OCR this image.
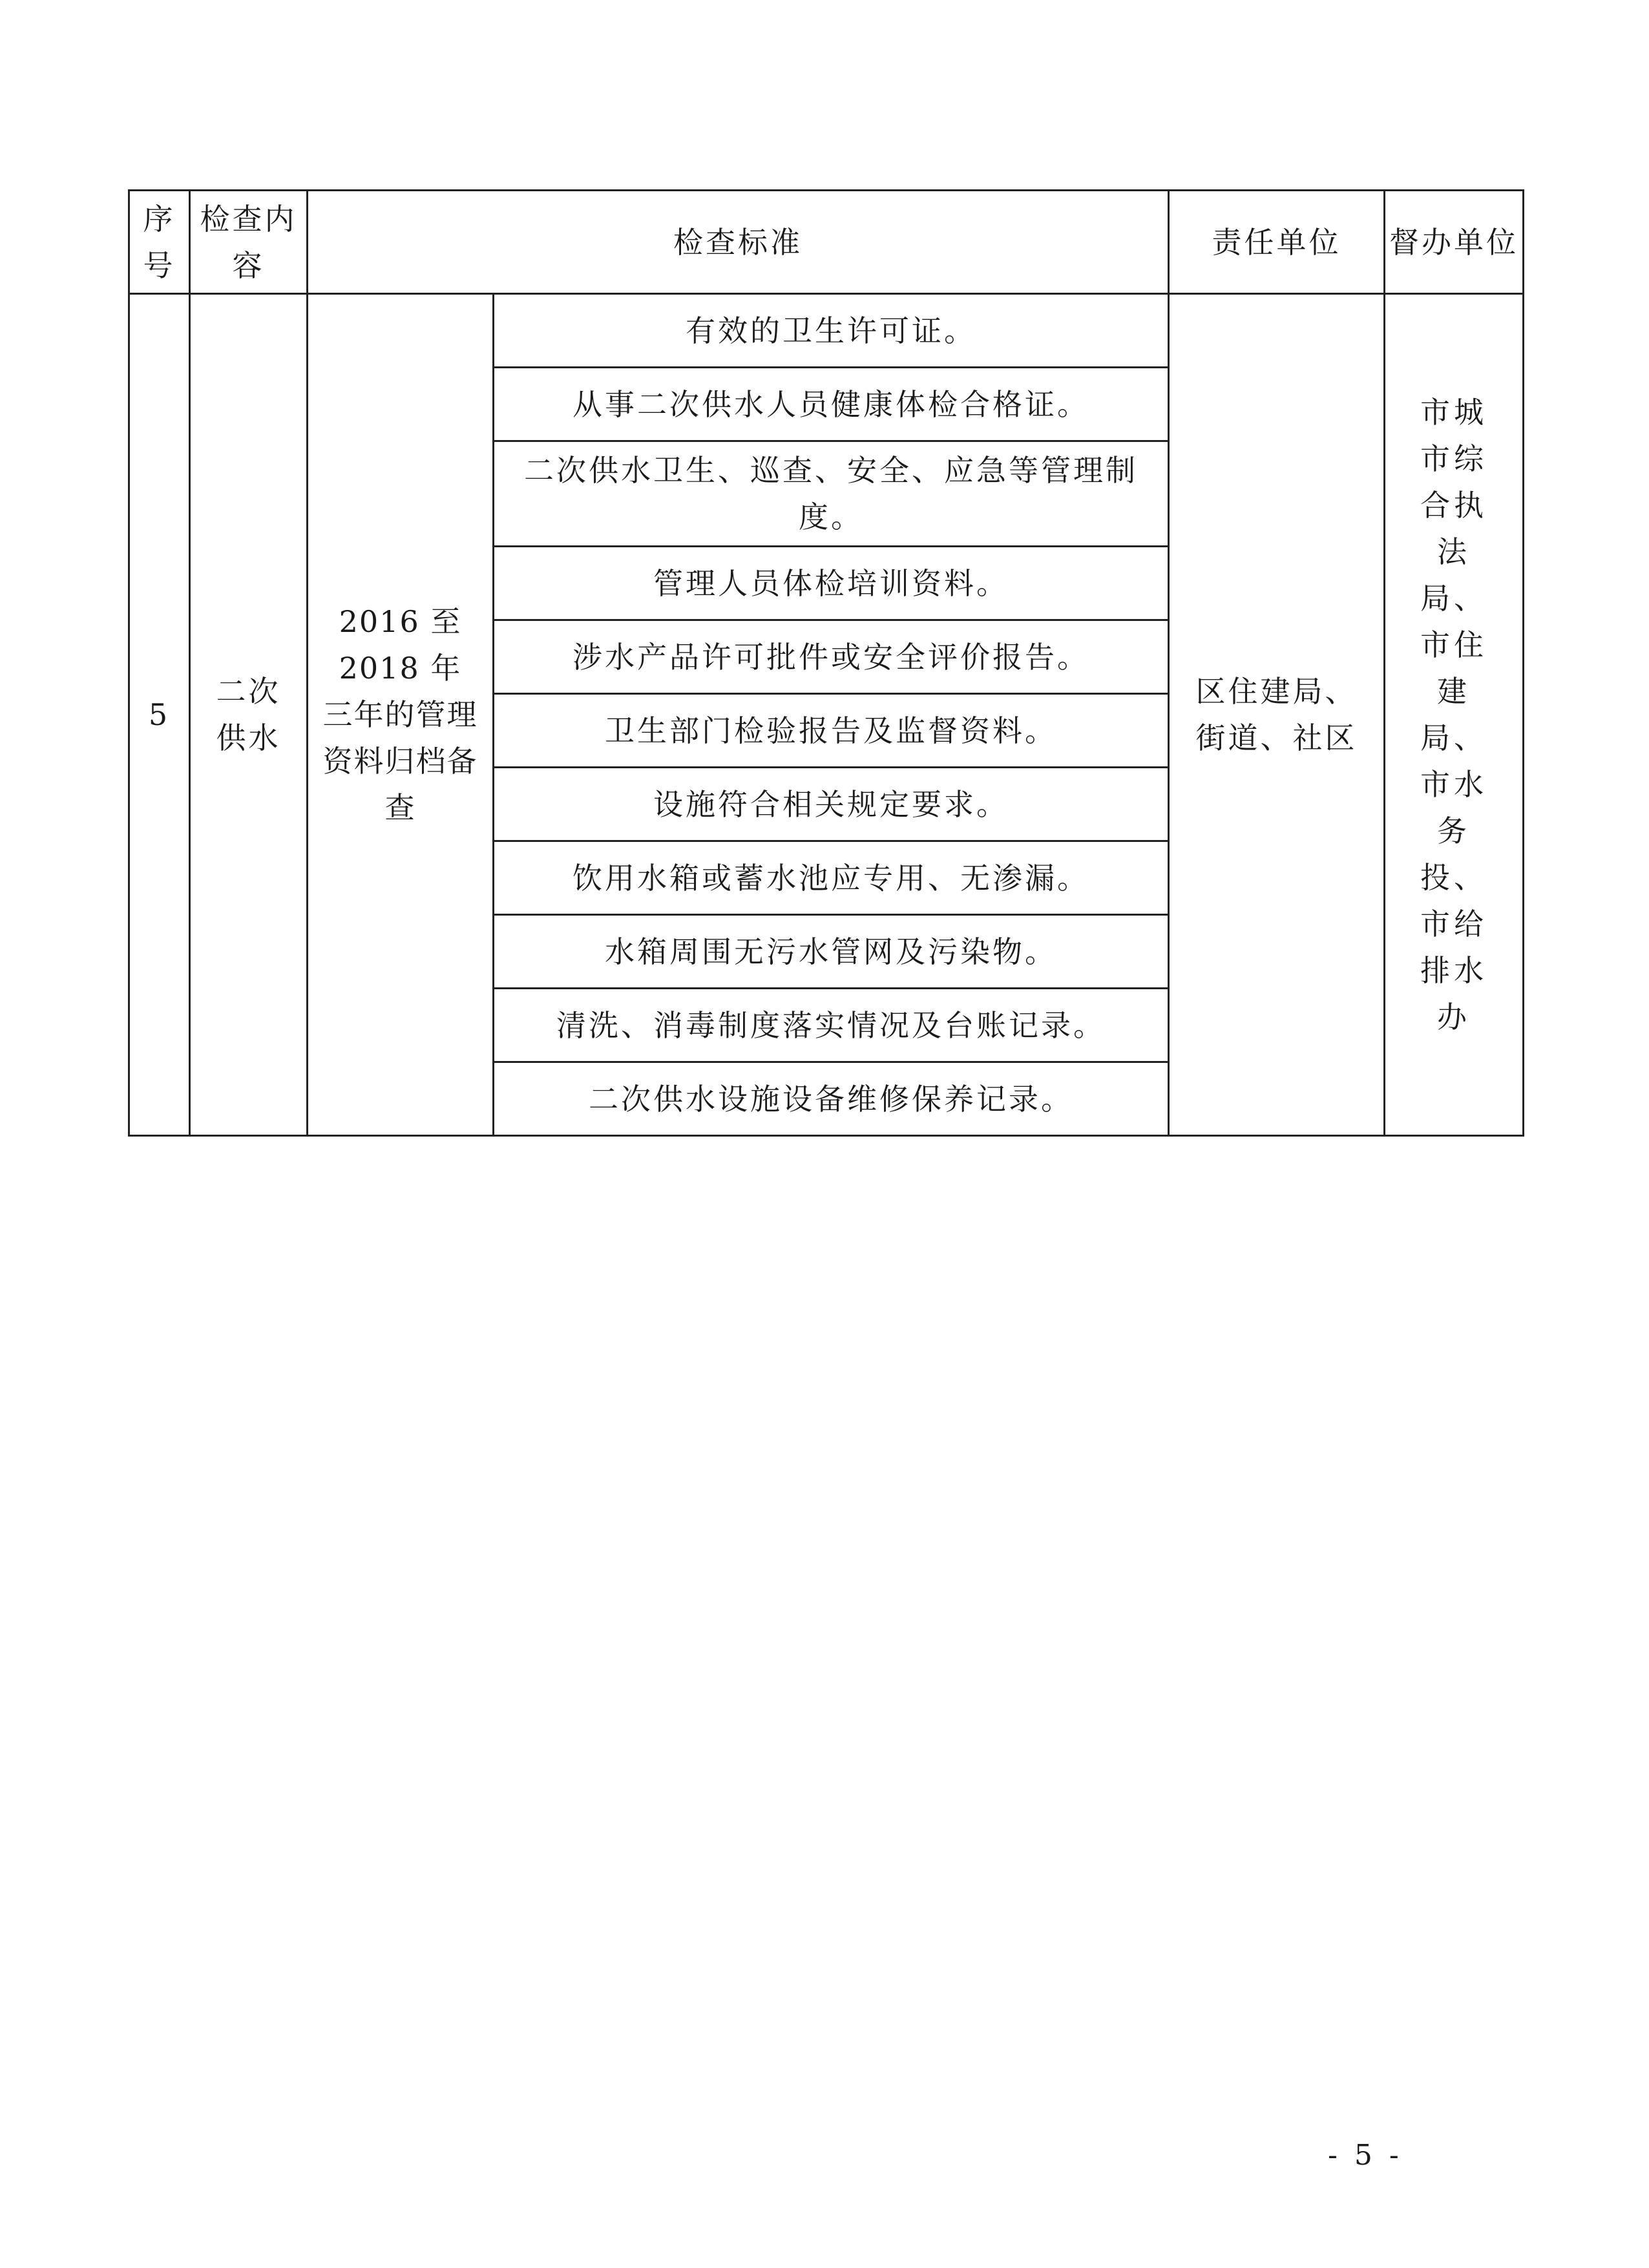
序号	检查内容	检查标准		责任单位	督办单位

5	二次供水	2016 至 2018 年 三年的管理资料归档备查	有效的卫生许可证。	区住建局、街道、社区	市城市综合执法局、市住建局、市水务投、市给排水办

			从事二次供水人员健康体检合格证。		

			二次供水卫生、巡查、安全、应急等管理制度。		

			管理人员体检培训资料。		

			涉水产品许可批件或安全评价报告。		

			卫生部门检验报告及监督资料。		

			设施符合相关规定要求。		

			饮用水箱或蓄水池应专用、无渗漏。		

			水箱周围无污水管网及污染物。		

			清洗、消毒制度落实情况及台账记录。		

			二次供水设施设备维修保养记录。		
- 5 -
